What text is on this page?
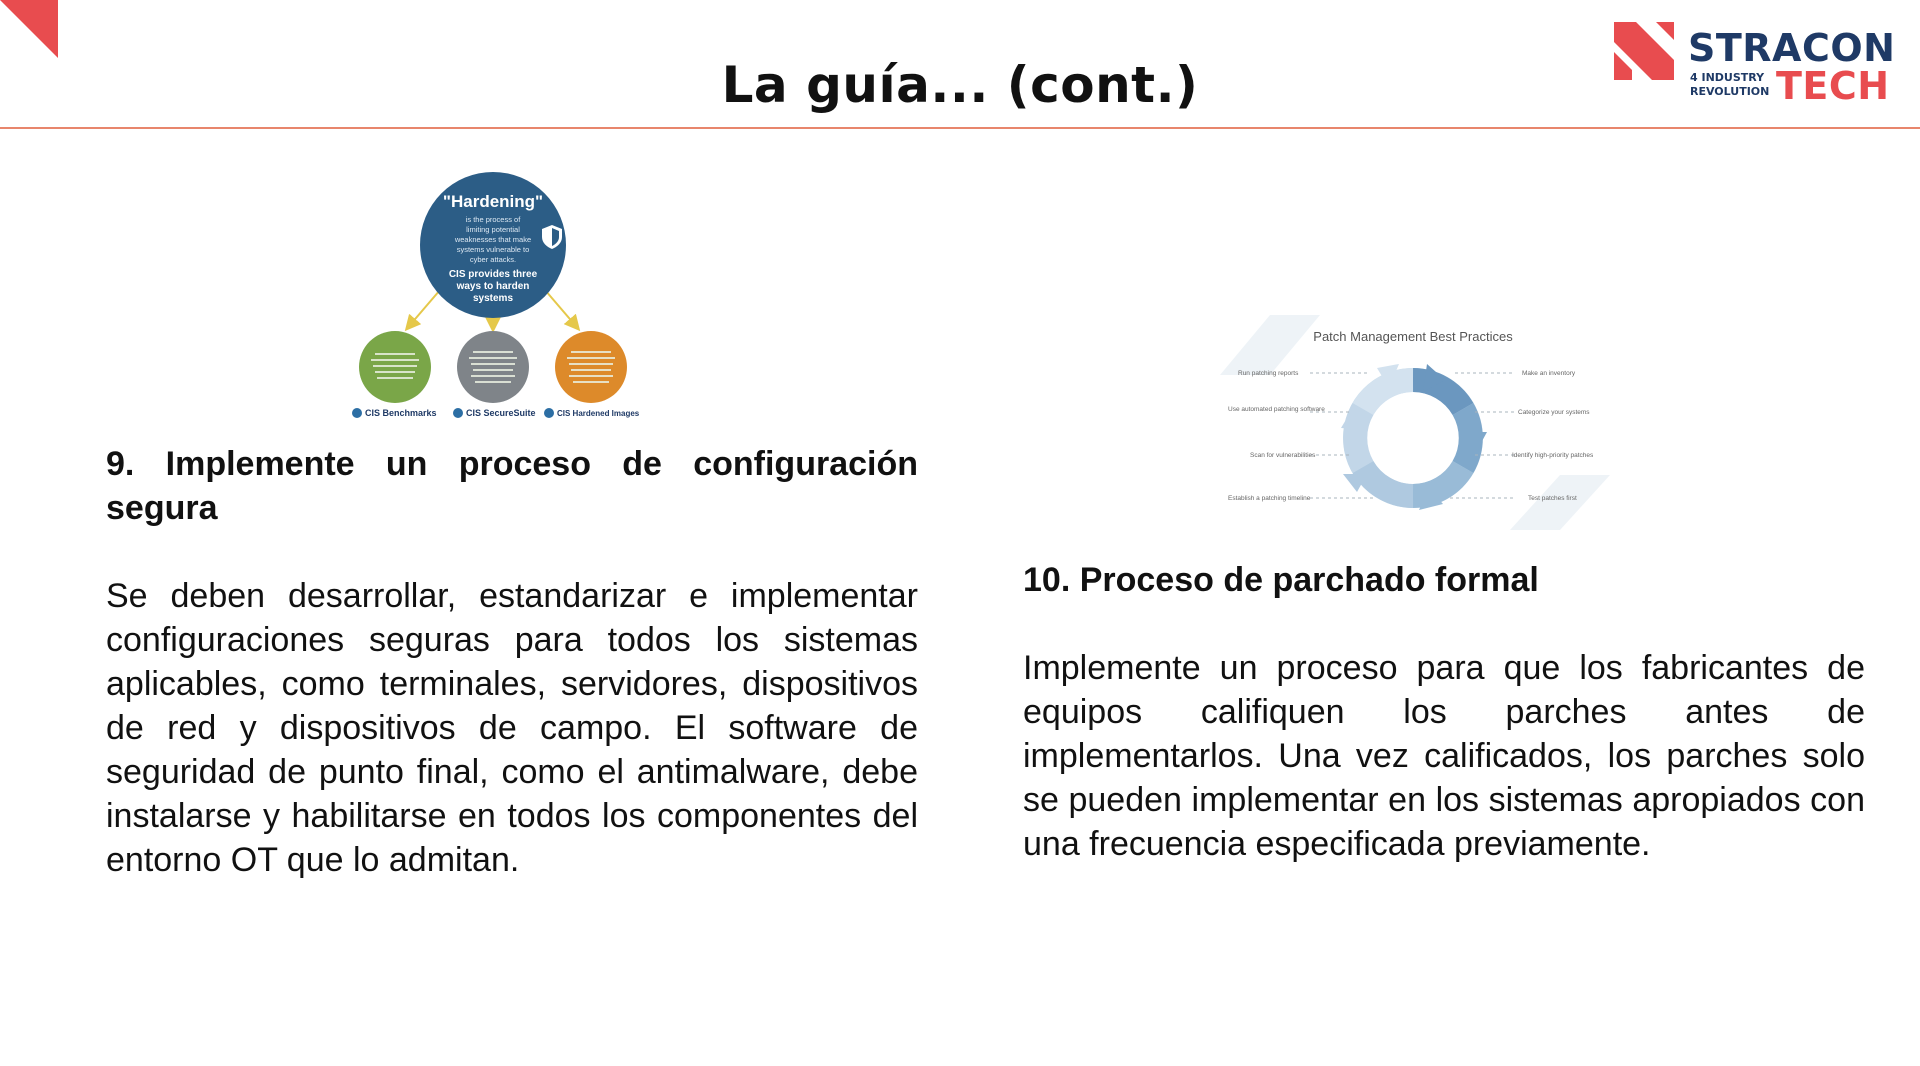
La guía... (cont.)
STRACON
4 INDUSTRY
REVOLUTION TECH
"Hardening"
is the process of
limiting potential
weaknesses that make
systems vulnerable to
cyber attacks.
CIS provides three
ways to harden
systems
CIS Benchmarks	CIS SecureSuite	CIS Hardened Images
9. Implemente un proceso de configuración segura
Se deben desarrollar, estandarizar e implementar configuraciones seguras para todos los sistemas aplicables, como terminales, servidores, dispositivos de red y dispositivos de campo. El software de seguridad de punto final, como el antimalware, debe instalarse y habilitarse en todos los componentes del entorno OT que lo admitan.
Patch Management Best Practices
Run patching reports
Use automated patching software
Scan for vulnerabilities
Establish a patching timeline
Make an inventory
Categorize your systems
Identify high-priority patches
Test patches first
10. Proceso de parchado formal
Implemente un proceso para que los fabricantes de equipos califiquen los parches antes de implementarlos. Una vez calificados, los parches solo se pueden implementar en los sistemas apropiados con una frecuencia especificada previamente.
